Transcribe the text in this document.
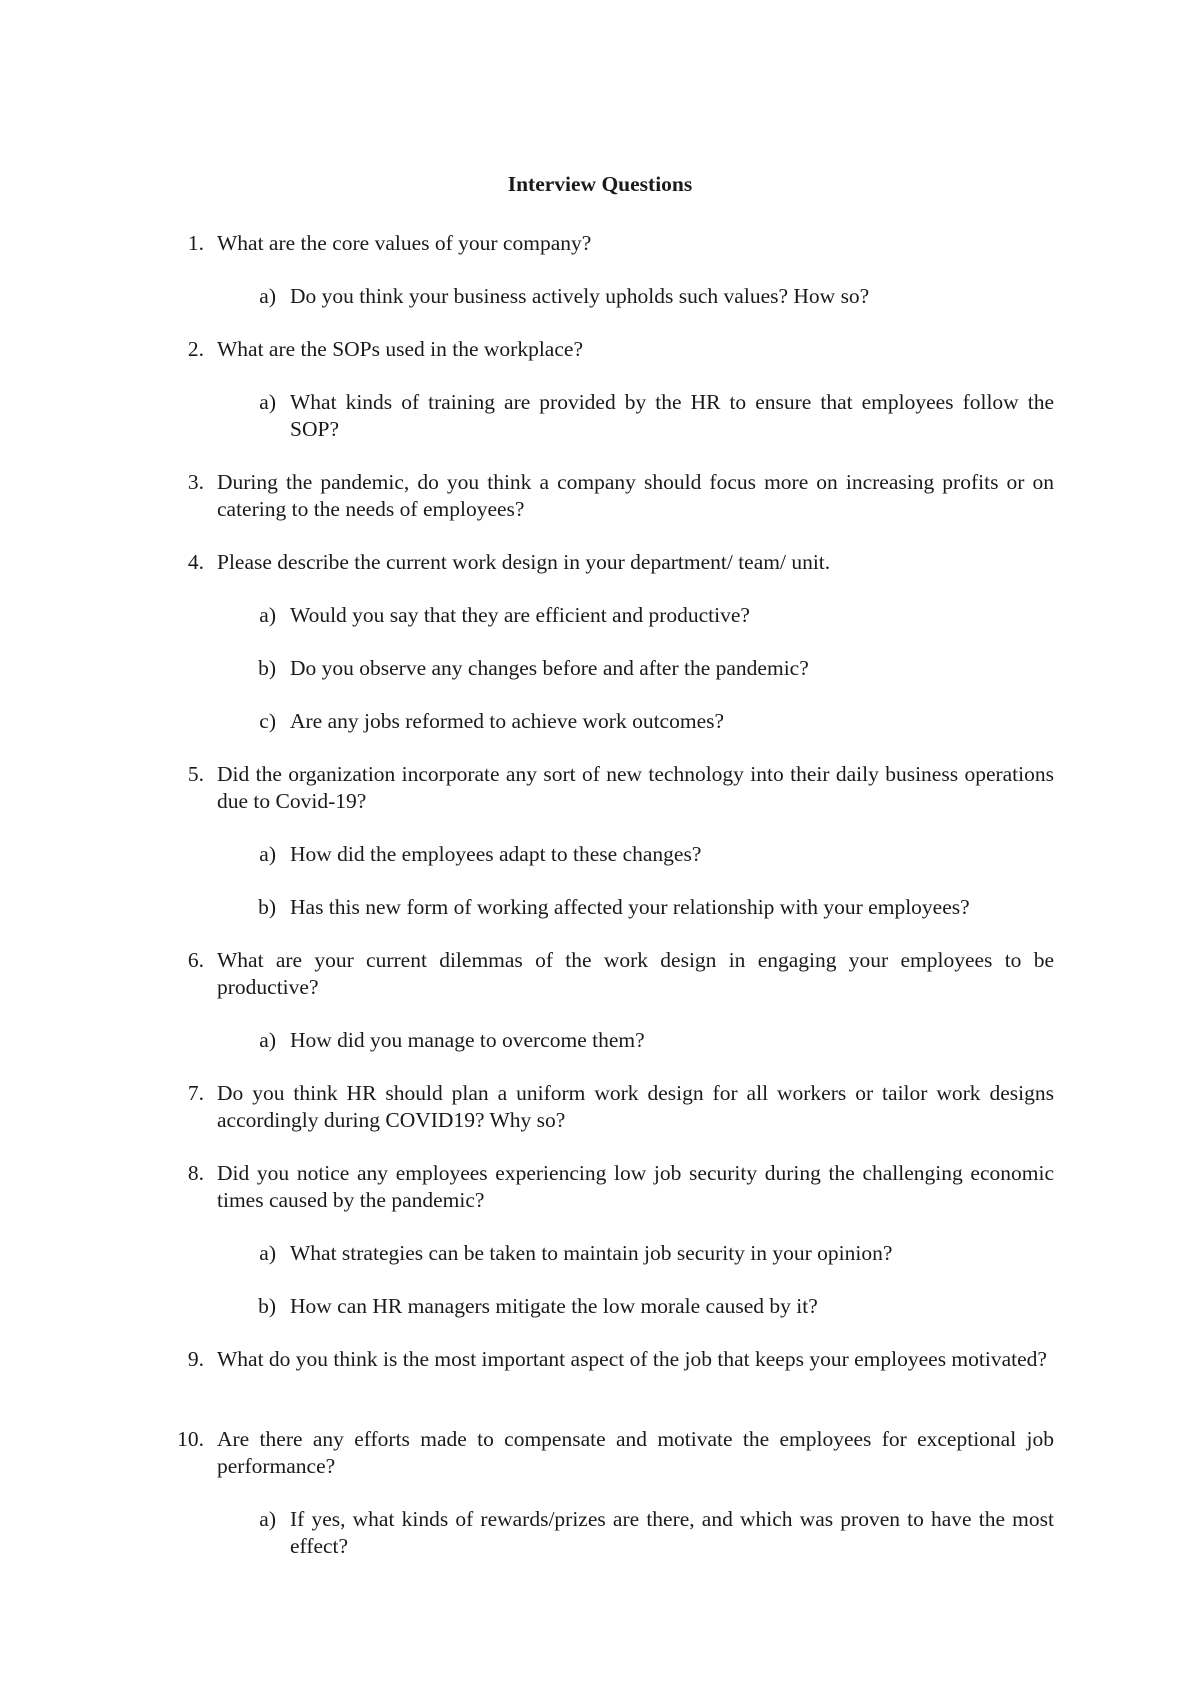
Interview Questions
1. What are the core values of your company?
a) Do you think your business actively upholds such values? How so?
2. What are the SOPs used in the workplace?
a) What kinds of training are provided by the HR to ensure that employees follow the SOP?
3. During the pandemic, do you think a company should focus more on increasing profits or on catering to the needs of employees?
4. Please describe the current work design in your department/ team/ unit.
a) Would you say that they are efficient and productive?
b) Do you observe any changes before and after the pandemic?
c) Are any jobs reformed to achieve work outcomes?
5. Did the organization incorporate any sort of new technology into their daily business operations due to Covid-19?
a) How did the employees adapt to these changes?
b) Has this new form of working affected your relationship with your employees?
6. What are your current dilemmas of the work design in engaging your employees to be productive?
a) How did you manage to overcome them?
7. Do you think HR should plan a uniform work design for all workers or tailor work designs accordingly during COVID19? Why so?
8. Did you notice any employees experiencing low job security during the challenging economic times caused by the pandemic?
a) What strategies can be taken to maintain job security in your opinion?
b) How can HR managers mitigate the low morale caused by it?
9. What do you think is the most important aspect of the job that keeps your employees motivated?
10. Are there any efforts made to compensate and motivate the employees for exceptional job performance?
a) If yes, what kinds of rewards/prizes are there, and which was proven to have the most effect?
